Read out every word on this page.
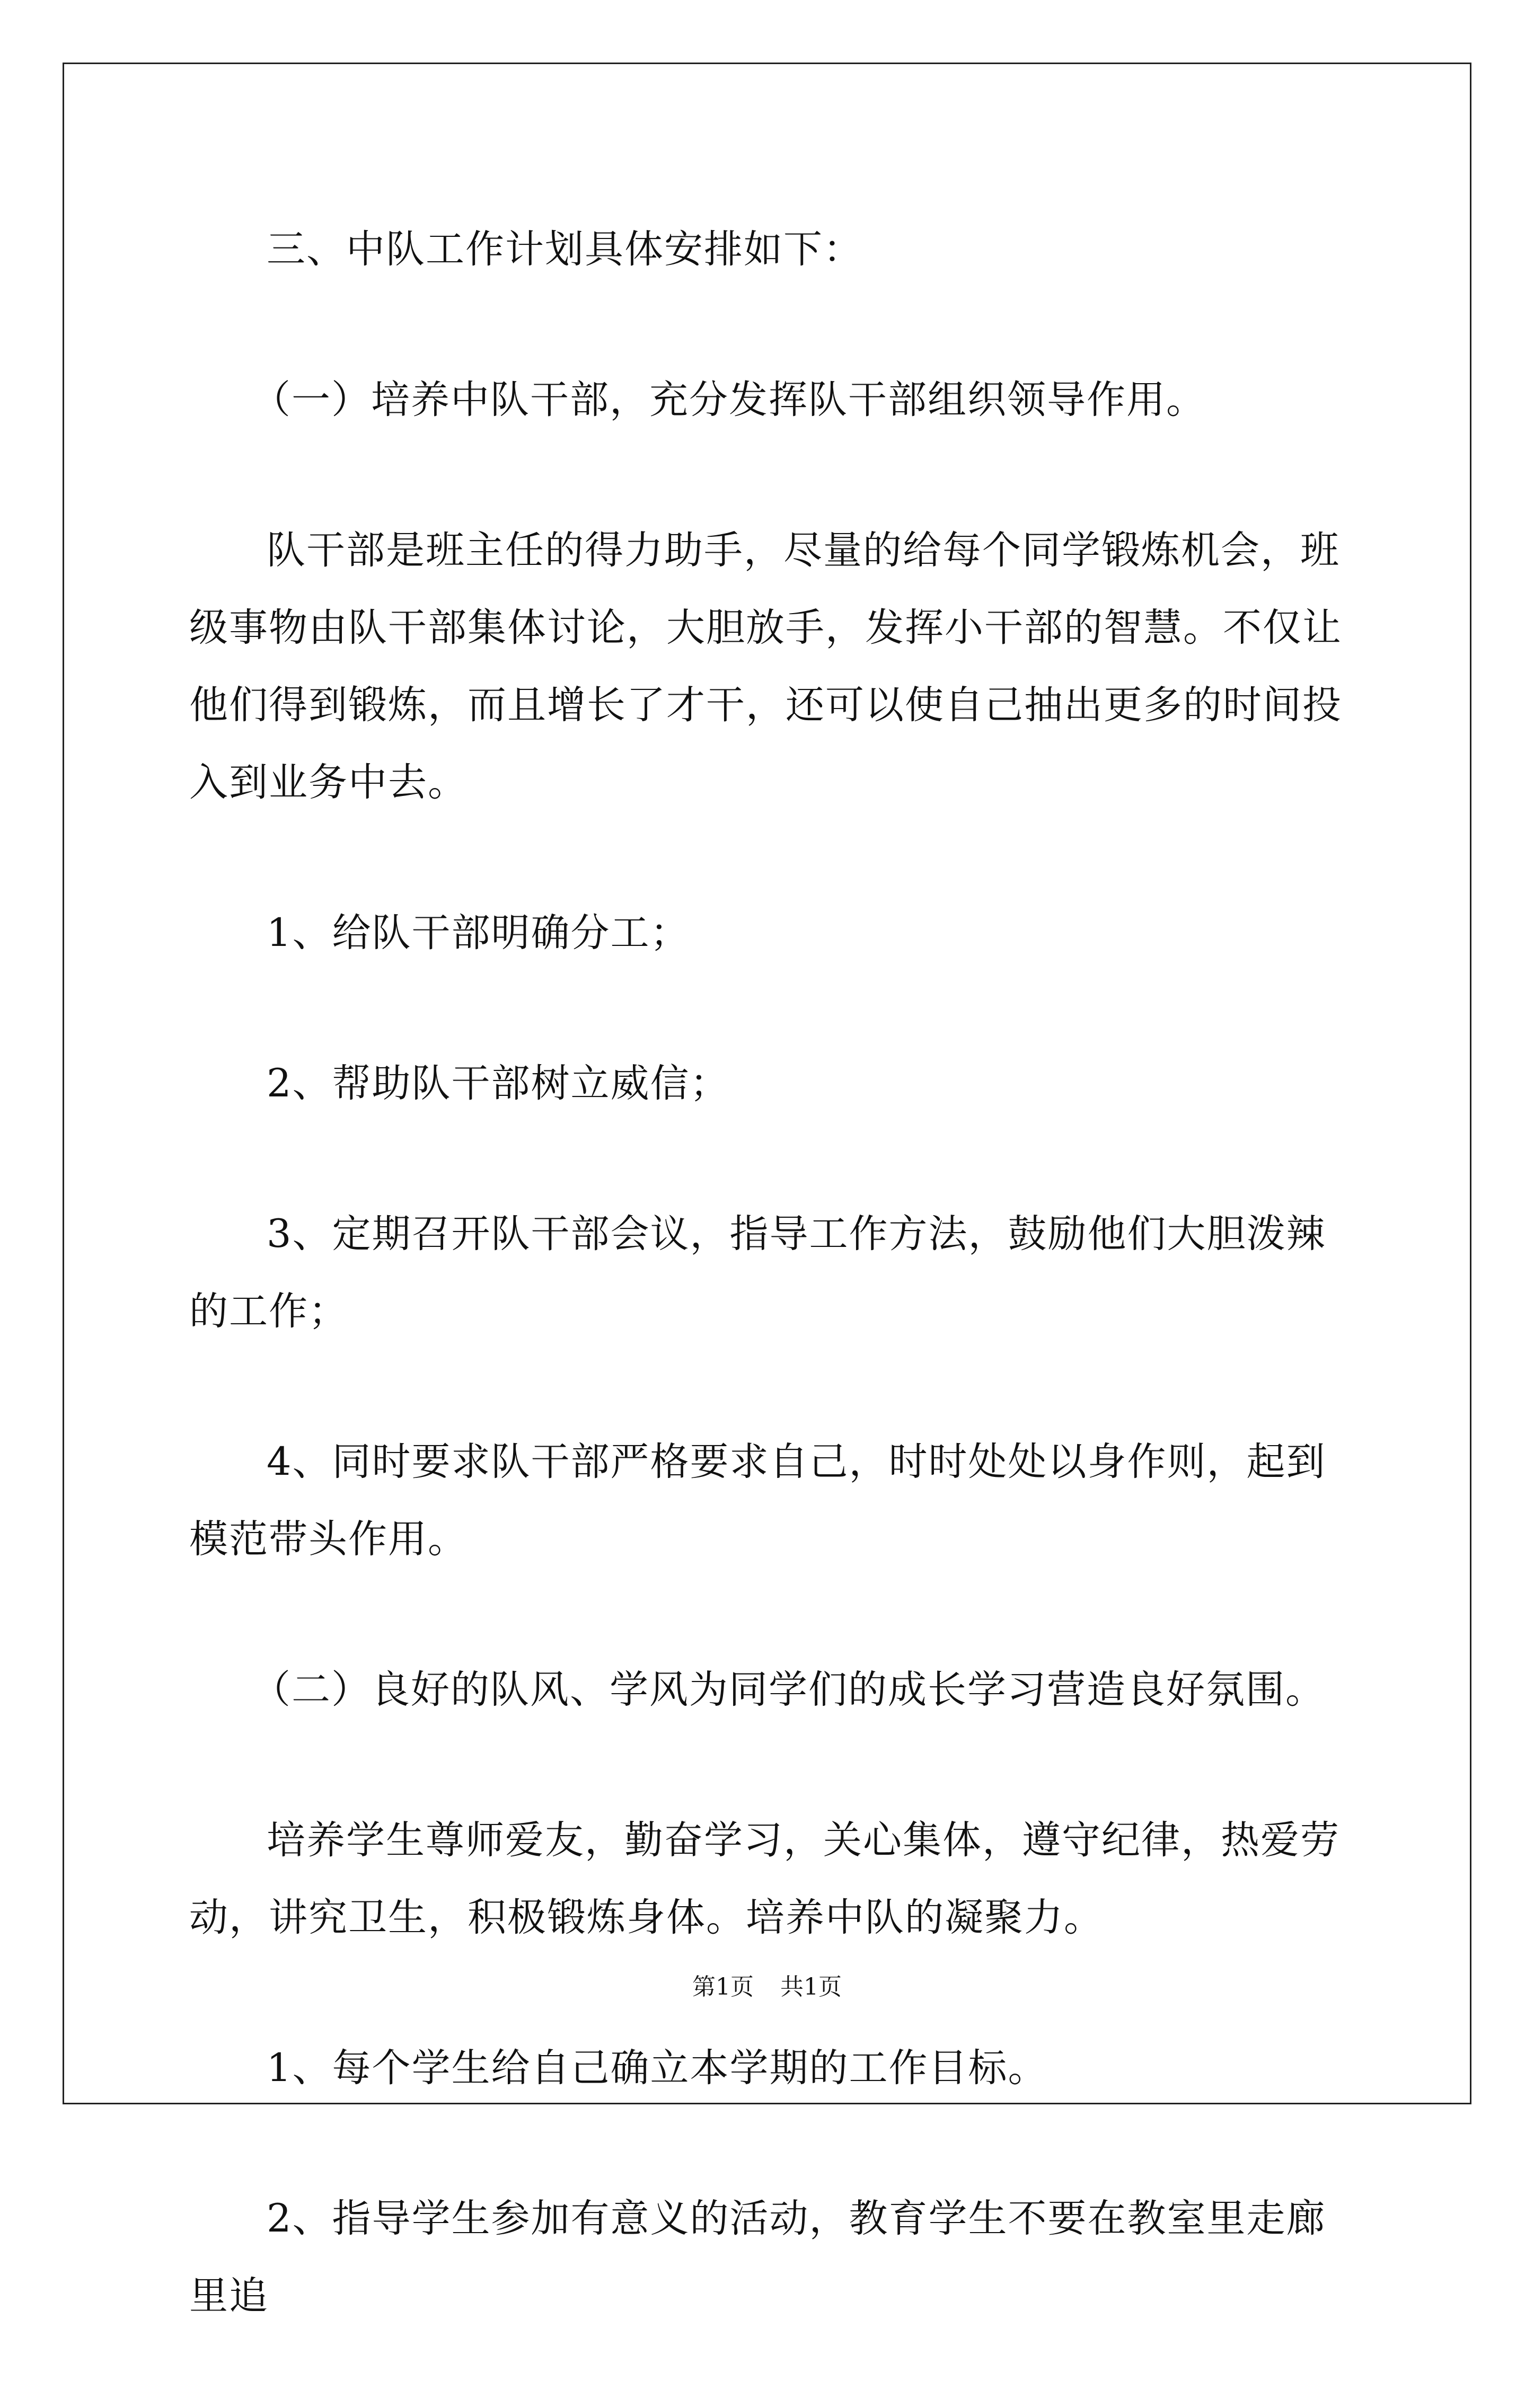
三、中队工作计划具体安排如下：

（一）培养中队干部，充分发挥队干部组织领导作用。

队干部是班主任的得力助手，尽量的给每个同学锻炼机会，班级事物由队干部集体讨论，大胆放手，发挥小干部的智慧。不仅让他们得到锻炼，而且增长了才干，还可以使自己抽出更多的时间投入到业务中去。

1、给队干部明确分工；

2、帮助队干部树立威信；

3、定期召开队干部会议，指导工作方法，鼓励他们大胆泼辣的工作；

4、同时要求队干部严格要求自己，时时处处以身作则，起到模范带头作用。

（二）良好的队风、学风为同学们的成长学习营造良好氛围。

培养学生尊师爱友，勤奋学习，关心集体，遵守纪律，热爱劳动，讲究卫生，积极锻炼身体。培养中队的凝聚力。

1、每个学生给自己确立本学期的工作目标。

2、指导学生参加有意义的活动，教育学生不要在教室里走廊里追

第1页 共1页
